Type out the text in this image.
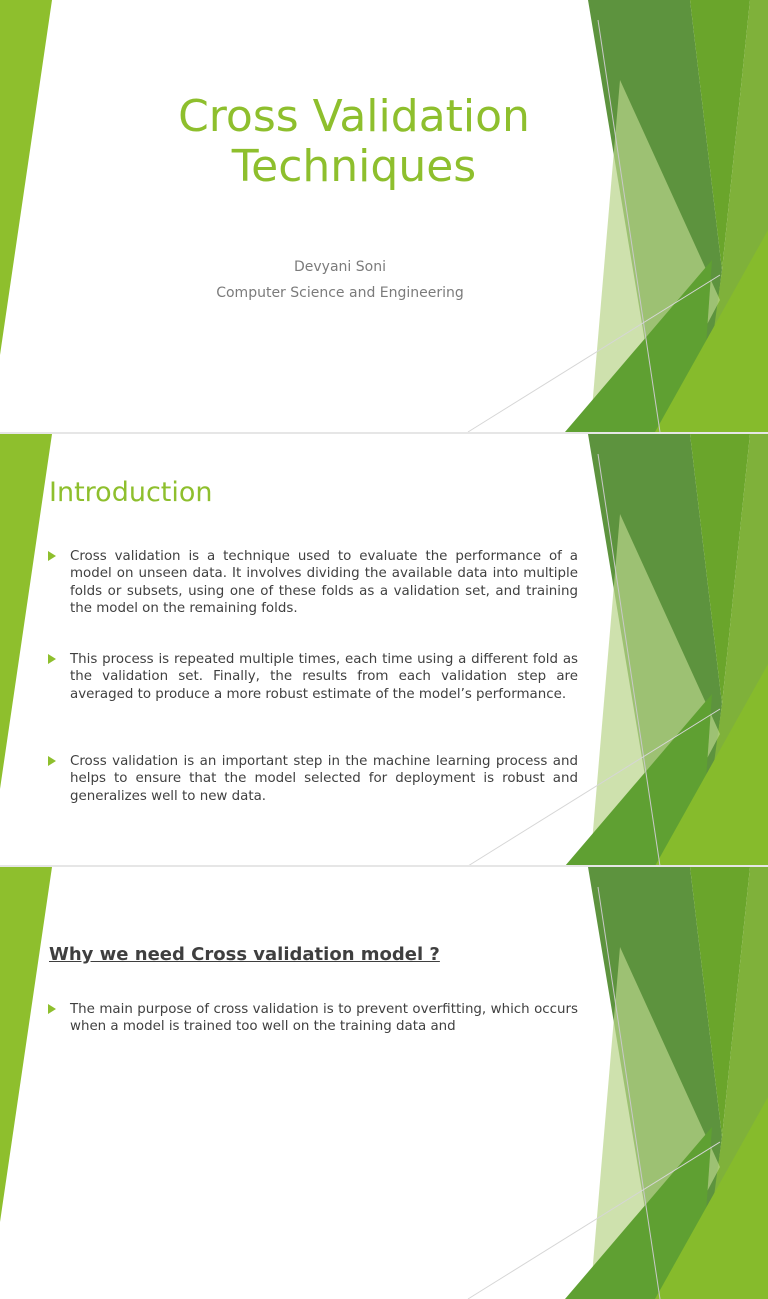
Cross Validation
Techniques
Devyani Soni
Computer Science and Engineering
Introduction
Cross validation is a technique used to evaluate the performance of a model on unseen data. It involves dividing the available data into multiple folds or subsets, using one of these folds as a validation set, and training the model on the remaining folds.
This process is repeated multiple times, each time using a different fold as the validation set. Finally, the results from each validation step are averaged to produce a more robust estimate of the model’s performance.
Cross validation is an important step in the machine learning process and helps to ensure that the model selected for deployment is robust and generalizes well to new data.
Why we need Cross validation model ?
The main purpose of cross validation is to prevent overfitting, which occurs when a model is trained too well on the training data and
